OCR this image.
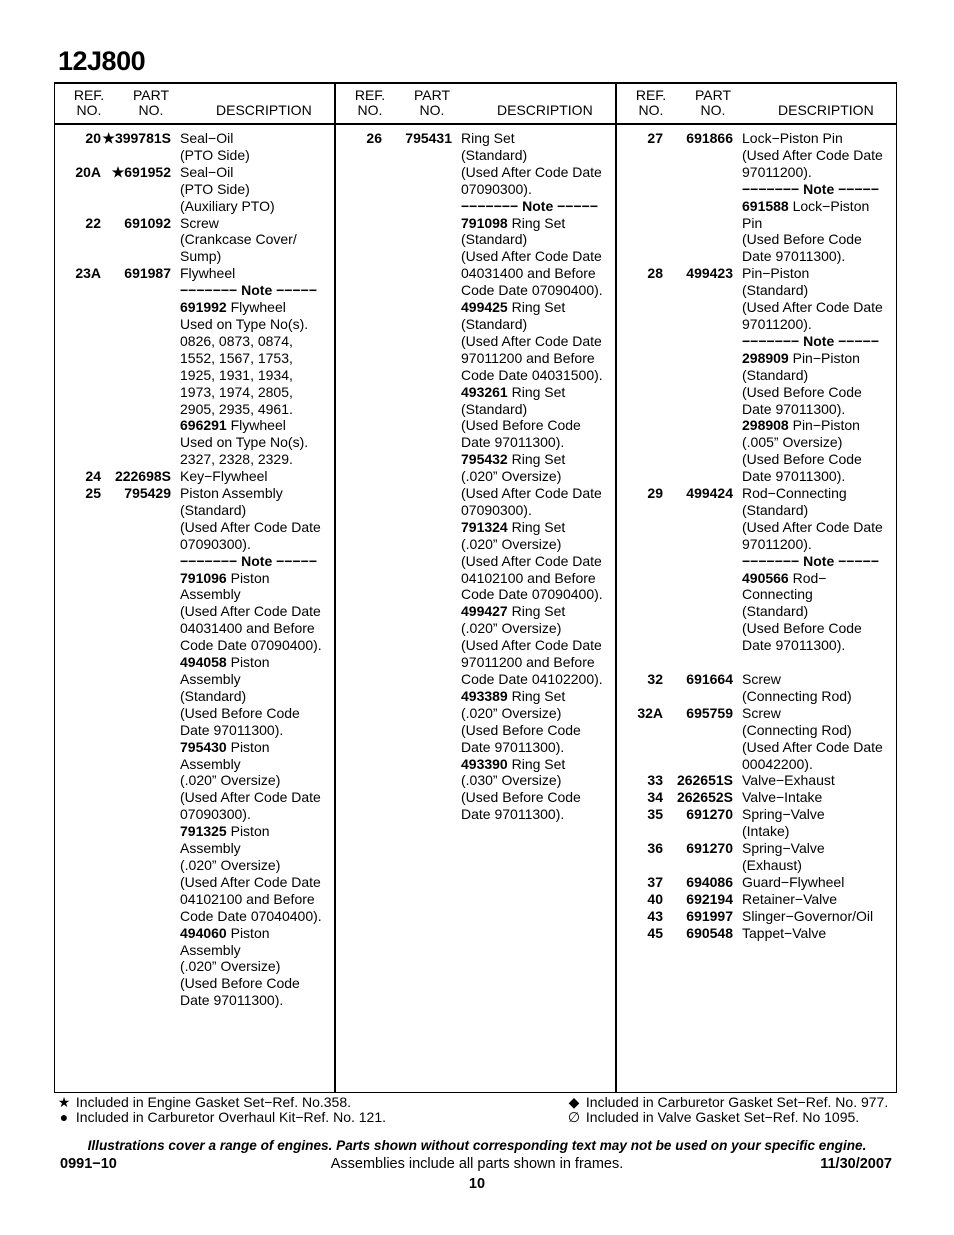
12J800
REF.
NO.
PART
NO.	DESCRIPTION
20 ★399781S Seal−Oil
(PTO Side)
20A ★691952 Seal−Oil
(PTO Side)
(Auxiliary PTO)
22	691092 Screw
(Crankcase Cover/
Sump)
23A	691987 Flywheel
−−−−−−− Note −−−−−
691992 Flywheel
Used on Type No(s).
0826, 0873, 0874,
1552, 1567, 1753,
1925, 1931, 1934,
1973, 1974, 2805,
2905, 2935, 4961.
696291 Flywheel
Used on Type No(s).
2327, 2328, 2329.
24 222698S Key−Flywheel
25	795429 Piston Assembly
(Standard)
(Used After Code Date
07090300).
−−−−−−− Note −−−−−
791096 Piston
Assembly
(Used After Code Date
04031400 and Before
Code Date 07090400).
494058 Piston
Assembly
(Standard)
(Used Before Code
Date 97011300).
795430 Piston
Assembly
(.020” Oversize)
(Used After Code Date
07090300).
791325 Piston
Assembly
(.020” Oversize)
(Used After Code Date
04102100 and Before
Code Date 07040400).
494060 Piston
Assembly
(.020” Oversize)
(Used Before Code
Date 97011300).
REF.
NO.
PART
NO.	DESCRIPTION
26	795431 Ring Set
(Standard)
(Used After Code Date
07090300).
−−−−−−− Note −−−−−
791098 Ring Set
(Standard)
(Used After Code Date
04031400 and Before
Code Date 07090400).
499425 Ring Set
(Standard)
(Used After Code Date
97011200 and Before
Code Date 04031500).
493261 Ring Set
(Standard)
(Used Before Code
Date 97011300).
795432 Ring Set
(.020” Oversize)
(Used After Code Date
07090300).
791324 Ring Set
(.020” Oversize)
(Used After Code Date
04102100 and Before
Code Date 07090400).
499427 Ring Set
(.020” Oversize)
(Used After Code Date
97011200 and Before
Code Date 04102200).
493389 Ring Set
(.020” Oversize)
(Used Before Code
Date 97011300).
493390 Ring Set
(.030” Oversize)
(Used Before Code
Date 97011300).
REF.
NO.
PART
NO.	DESCRIPTION
27	691866 Lock−Piston Pin
(Used After Code Date
97011200).
−−−−−−− Note −−−−−
691588 Lock−Piston
Pin
(Used Before Code
Date 97011300).
28	499423 Pin−Piston
(Standard)
(Used After Code Date
97011200).
−−−−−−− Note −−−−−
298909 Pin−Piston
(Standard)
(Used Before Code
Date 97011300).
298908 Pin−Piston
(.005” Oversize)
(Used Before Code
Date 97011300).
29	499424 Rod−Connecting
(Standard)
(Used After Code Date
97011200).
−−−−−−− Note −−−−−
490566 Rod−
Connecting
(Standard)
(Used Before Code
Date 97011300).

32	691664 Screw
(Connecting Rod)
32A	695759 Screw
(Connecting Rod)
(Used After Code Date
00042200).
33 262651S Valve−Exhaust
34 262652S Valve−Intake
35	691270 Spring−Valve
(Intake)
36	691270 Spring−Valve
(Exhaust)
37	694086 Guard−Flywheel
40	692194 Retainer−Valve
43	691997 Slinger−Governor/Oil
45	690548 Tappet−Valve
★ Included in Engine Gasket Set−Ref. No.358.
● Included in Carburetor Overhaul Kit−Ref. No. 121.
◆ Included in Carburetor Gasket Set−Ref. No. 977.
∅ Included in Valve Gasket Set−Ref. No 1095.
Illustrations cover a range of engines. Parts shown without corresponding text may not be used on your specific engine.
0991−10	Assemblies include all parts shown in frames.	11/30/2007
10
